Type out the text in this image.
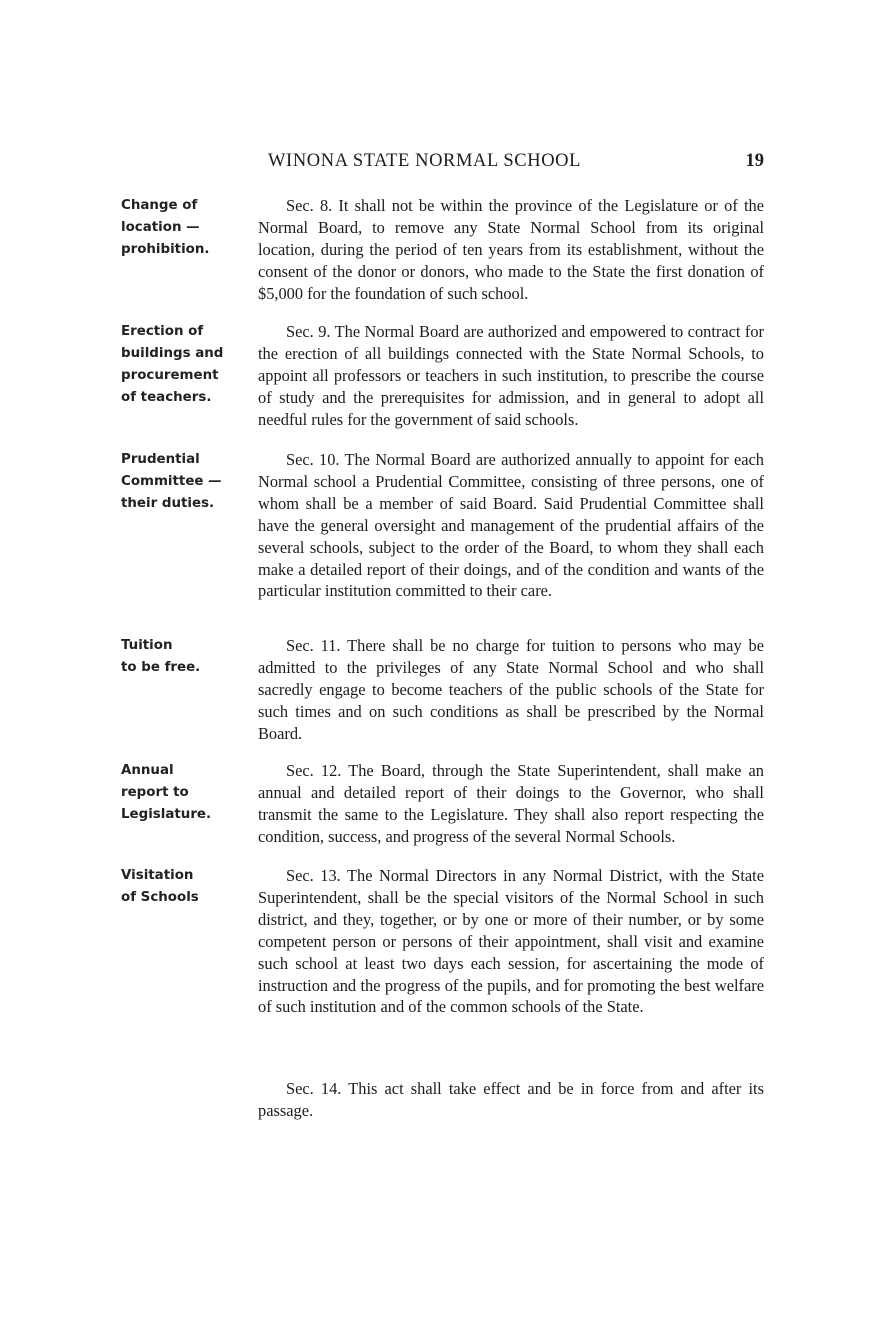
WINONA STATE NORMAL SCHOOL	19
Change of
location —
prohibition.
Erection of
buildings and
procurement
of teachers.
Prudential
Committee —
their duties.
Tuition
to be free.
Annual
report to
Legislature.
Visitation
of Schools

Sec. 8. It shall not be within the province of the Legislature or of the Normal Board, to remove any State Normal School from its original location, during the period of ten years from its establishment, without the consent of the donor or donors, who made to the State the first donation of $5,000 for the foundation of such school.

Sec. 9. The Normal Board are authorized and empowered to contract for the erection of all buildings connected with the State Normal Schools, to appoint all professors or teachers in such institution, to prescribe the course of study and the prerequisites for admission, and in general to adopt all needful rules for the government of said schools.

Sec. 10. The Normal Board are authorized annually to appoint for each Normal school a Prudential Committee, consisting of three persons, one of whom shall be a member of said Board. Said Prudential Committee shall have the general oversight and management of the prudential affairs of the several schools, subject to the order of the Board, to whom they shall each make a detailed report of their doings, and of the condition and wants of the particular institution committed to their care.

Sec. 11. There shall be no charge for tuition to persons who may be admitted to the privileges of any State Normal School and who shall sacredly engage to become teachers of the public schools of the State for such times and on such conditions as shall be prescribed by the Normal Board.

Sec. 12. The Board, through the State Superintendent, shall make an annual and detailed report of their doings to the Governor, who shall transmit the same to the Legislature. They shall also report respecting the condition, success, and progress of the several Normal Schools.

Sec. 13. The Normal Directors in any Normal District, with the State Superintendent, shall be the special visitors of the Normal School in such district, and they, together, or by one or more of their number, or by some competent person or persons of their appointment, shall visit and examine such school at least two days each session, for ascertaining the mode of instruction and the progress of the pupils, and for promoting the best welfare of such institution and of the common schools of the State.

Sec. 14. This act shall take effect and be in force from and after its passage.
